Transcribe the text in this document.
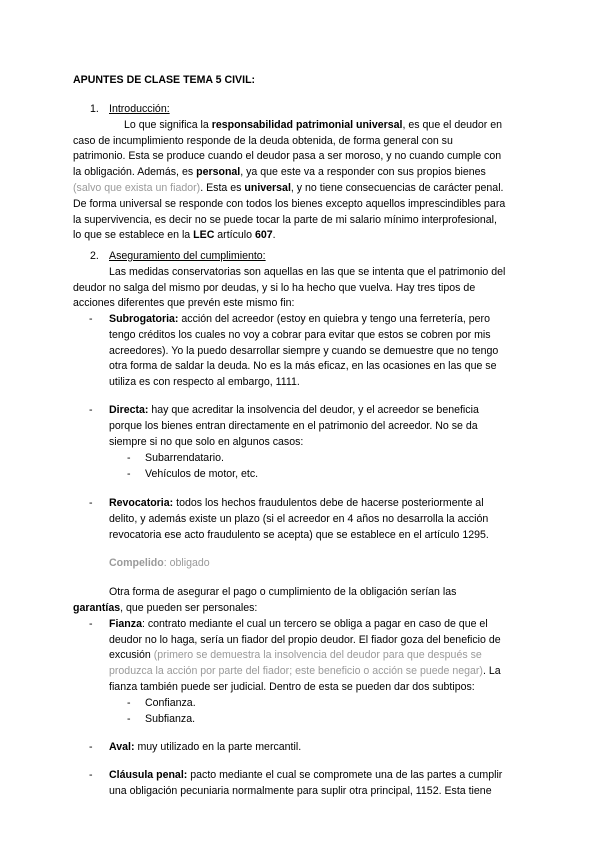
APUNTES DE CLASE TEMA 5 CIVIL:
1. Introducción:
Lo que significa la responsabilidad patrimonial universal, es que el deudor en
caso de incumplimiento responde de la deuda obtenida, de forma general con su
patrimonio. Esta se produce cuando el deudor pasa a ser moroso, y no cuando cumple con
la obligación. Además, es personal, ya que este va a responder con sus propios bienes
(salvo que exista un fiador). Esta es universal, y no tiene consecuencias de carácter penal.
De forma universal se responde con todos los bienes excepto aquellos imprescindibles para
la supervivencia, es decir no se puede tocar la parte de mi salario mínimo interprofesional,
lo que se establece en la LEC artículo 607.
2. Aseguramiento del cumplimiento:
Las medidas conservatorias son aquellas en las que se intenta que el patrimonio del
deudor no salga del mismo por deudas, y si lo ha hecho que vuelva. Hay tres tipos de
acciones diferentes que prevén este mismo fin:
- Subrogatoria: acción del acreedor (estoy en quiebra y tengo una ferretería, pero
tengo créditos los cuales no voy a cobrar para evitar que estos se cobren por mis
acreedores). Yo la puedo desarrollar siempre y cuando se demuestre que no tengo
otra forma de saldar la deuda. No es la más eficaz, en las ocasiones en las que se
utiliza es con respecto al embargo, 1111.
- Directa: hay que acreditar la insolvencia del deudor, y el acreedor se beneficia
porque los bienes entran directamente en el patrimonio del acreedor. No se da
siempre si no que solo en algunos casos:
- Subarrendatario.
- Vehículos de motor, etc.
- Revocatoria: todos los hechos fraudulentos debe de hacerse posteriormente al
delito, y además existe un plazo (si el acreedor en 4 años no desarrolla la acción
revocatoria ese acto fraudulento se acepta) que se establece en el artículo 1295.
Compelido: obligado
Otra forma de asegurar el pago o cumplimiento de la obligación serían las
garantías, que pueden ser personales:
- Fianza: contrato mediante el cual un tercero se obliga a pagar en caso de que el
deudor no lo haga, sería un fiador del propio deudor. El fiador goza del beneficio de
excusión (primero se demuestra la insolvencia del deudor para que después se
produzca la acción por parte del fiador; este beneficio o acción se puede negar). La
fianza también puede ser judicial. Dentro de esta se pueden dar dos subtipos:
- Confianza.
- Subfianza.
- Aval: muy utilizado en la parte mercantil.
- Cláusula penal: pacto mediante el cual se compromete una de las partes a cumplir
una obligación pecuniaria normalmente para suplir otra principal, 1152. Esta tiene
